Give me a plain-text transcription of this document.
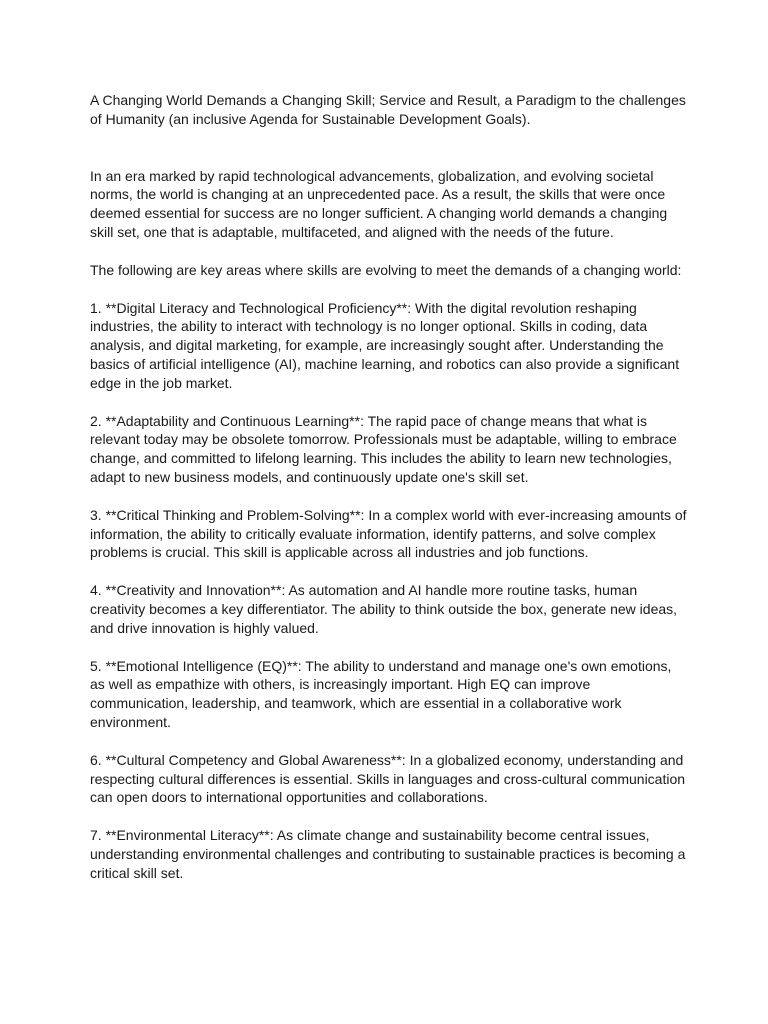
A Changing World Demands a Changing Skill; Service and Result, a Paradigm to the challenges of Humanity (an inclusive Agenda for Sustainable Development Goals).

In an era marked by rapid technological advancements, globalization, and evolving societal norms, the world is changing at an unprecedented pace. As a result, the skills that were once deemed essential for success are no longer sufficient. A changing world demands a changing skill set, one that is adaptable, multifaceted, and aligned with the needs of the future.

The following are key areas where skills are evolving to meet the demands of a changing world:

1. **Digital Literacy and Technological Proficiency**: With the digital revolution reshaping industries, the ability to interact with technology is no longer optional. Skills in coding, data analysis, and digital marketing, for example, are increasingly sought after. Understanding the basics of artificial intelligence (AI), machine learning, and robotics can also provide a significant edge in the job market.

2. **Adaptability and Continuous Learning**: The rapid pace of change means that what is relevant today may be obsolete tomorrow. Professionals must be adaptable, willing to embrace change, and committed to lifelong learning. This includes the ability to learn new technologies, adapt to new business models, and continuously update one's skill set.

3. **Critical Thinking and Problem-Solving**: In a complex world with ever-increasing amounts of information, the ability to critically evaluate information, identify patterns, and solve complex problems is crucial. This skill is applicable across all industries and job functions.

4. **Creativity and Innovation**: As automation and AI handle more routine tasks, human creativity becomes a key differentiator. The ability to think outside the box, generate new ideas, and drive innovation is highly valued.

5. **Emotional Intelligence (EQ)**: The ability to understand and manage one's own emotions, as well as empathize with others, is increasingly important. High EQ can improve communication, leadership, and teamwork, which are essential in a collaborative work environment.

6. **Cultural Competency and Global Awareness**: In a globalized economy, understanding and respecting cultural differences is essential. Skills in languages and cross-cultural communication can open doors to international opportunities and collaborations.

7. **Environmental Literacy**: As climate change and sustainability become central issues, understanding environmental challenges and contributing to sustainable practices is becoming a critical skill set.
